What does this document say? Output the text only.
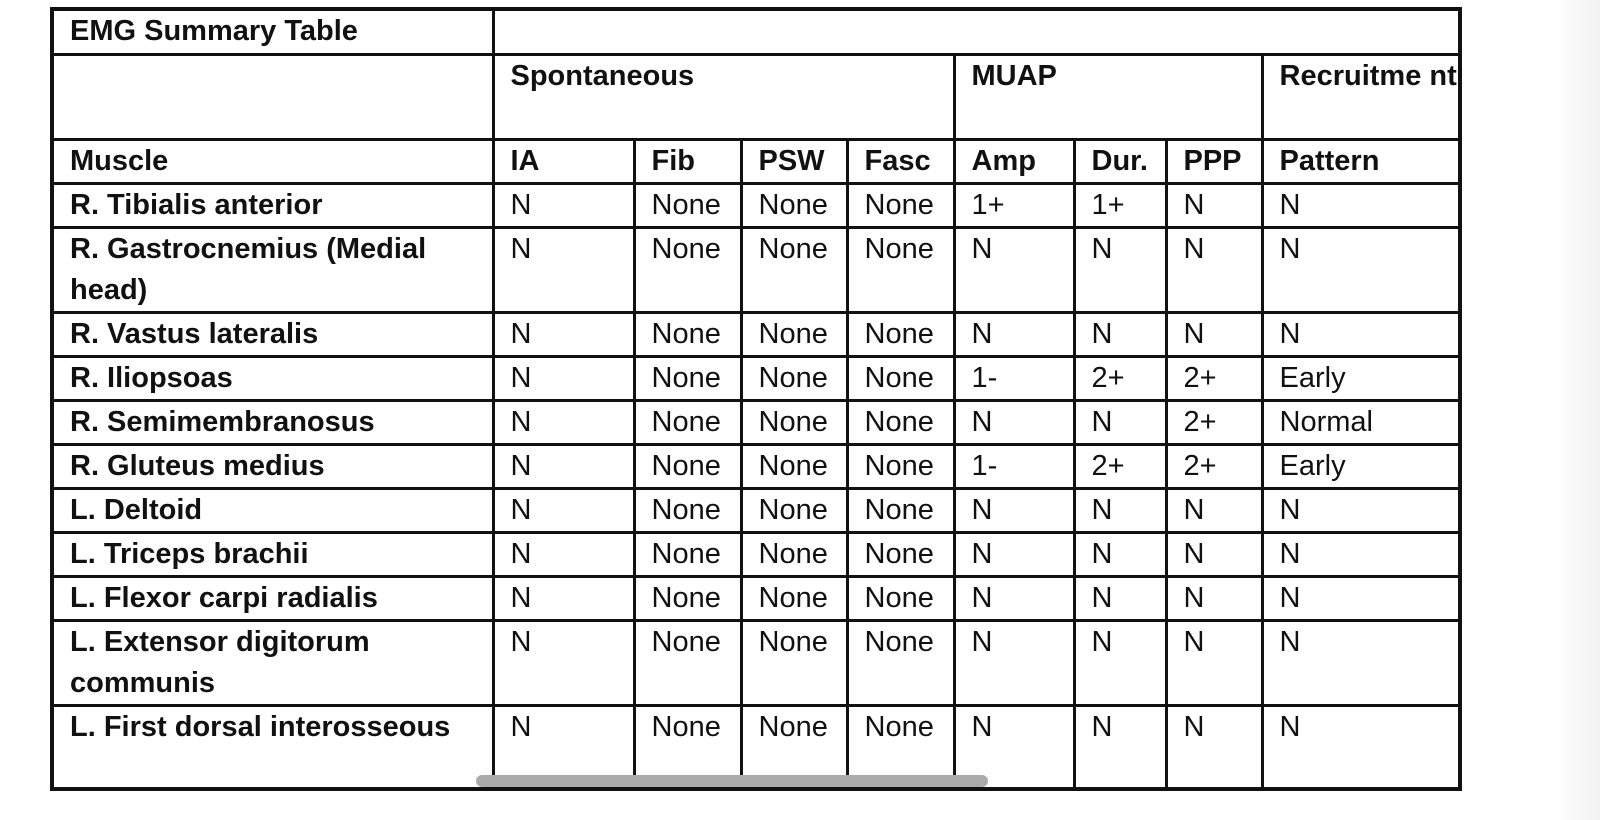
EMG Summary Table								
	Spontaneous				MUAP			Recruitme nt
Muscle	IA	Fib	PSW	Fasc	Amp	Dur.	PPP	Pattern
R. Tibialis anterior	N	None	None	None	1+	1+	N	N
R. Gastrocnemius (Medial head)	N	None	None	None	N	N	N	N
R. Vastus lateralis	N	None	None	None	N	N	N	N
R. Iliopsoas	N	None	None	None	1-	2+	2+	Early
R. Semimembranosus	N	None	None	None	N	N	2+	Normal
R. Gluteus medius	N	None	None	None	1-	2+	2+	Early
L. Deltoid	N	None	None	None	N	N	N	N
L. Triceps brachii	N	None	None	None	N	N	N	N
L. Flexor carpi radialis	N	None	None	None	N	N	N	N
L. Extensor digitorum communis	N	None	None	None	N	N	N	N
L. First dorsal interosseous	N	None	None	None	N	N	N	N
